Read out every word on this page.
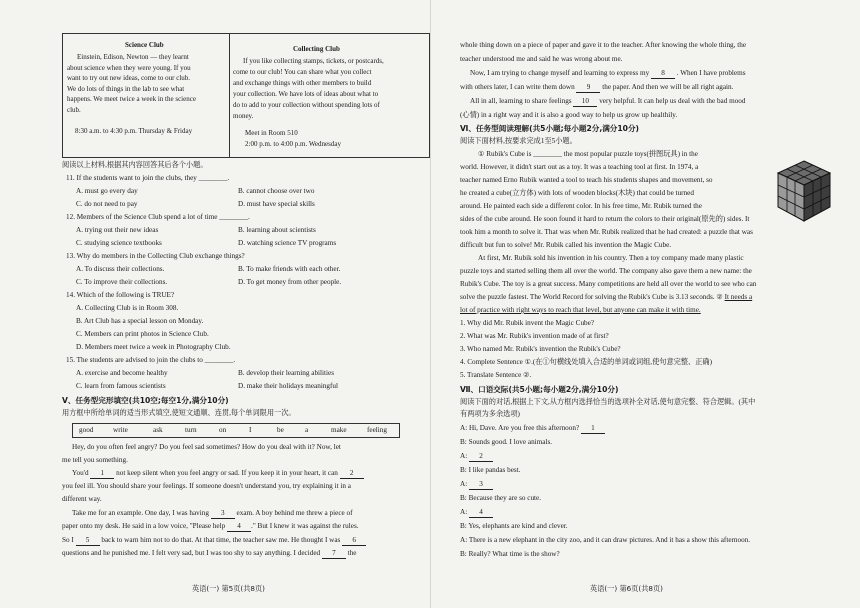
Science Club
Einstein, Edison, Newton — they learnt
about science when they were young. If you
want to try out new ideas, come to our club.
We do lots of things in the lab to see what
happens. We meet twice a week in the science
club.
8:30 a.m. to 4:30 p.m. Thursday & Friday
Collecting Club
If you like collecting stamps, tickets, or postcards,
come to our club! You can share what you collect
and exchange things with other members to build
your collection. We have lots of ideas about what to
do to add to your collection without spending lots of
money.
Meet in Room 510
2:00 p.m. to 4:00 p.m. Wednesday
阅读以上材料,根据其内容回答其后各个小题。
11. If the students want to join the clubs, they ________.
A. must go every day	B. cannot choose over two
C. do not need to pay	D. must have special skills
12. Members of the Science Club spend a lot of time ________.
A. trying out their new ideas	B. learning about scientists
C. studying science textbooks	D. watching science TV programs
13. Why do members in the Collecting Club exchange things?
A. To discuss their collections.	B. To make friends with each other.
C. To improve their collections.	D. To get money from other people.
14. Which of the following is TRUE?
A. Collecting Club is in Room 308.
B. Art Club has a special lesson on Monday.
C. Members can print photos in Science Club.
D. Members meet twice a week in Photography Club.
15. The students are advised to join the clubs to ________.
A. exercise and become healthy	B. develop their learning abilities
C. learn from famous scientists	D. make their holidays meaningful
Ⅴ、任务型完形填空(共10空;每空1分,满分10分)
用方框中所给单词的适当形式填空,使短文通顺、连贯,每个单词限用一次。
good	write	ask	turn	on	I	be	a	make	feeling
Hey, do you often feel angry? Do you feel sad sometimes? How do you deal with it? Now, let
me tell you something.
You'd 1 not keep silent when you feel angry or sad. If you keep it in your heart, it can 2
you feel ill. You should share your feelings. If someone doesn't understand you, try explaining it in a
different way.
Take me for an example. One day, I was having 3 exam. A boy behind me threw a piece of
paper onto my desk. He said in a low voice, "Please help 4 ." But I knew it was against the rules.
So I 5 back to warn him not to do that. At that time, the teacher saw me. He thought I was 6
questions and he punished me. I felt very sad, but I was too shy to say anything. I decided 7 the
英语(一) 第5页(共8页)
whole thing down on a piece of paper and gave it to the teacher. After knowing the whole thing, the
teacher understood me and said he was wrong about me.
Now, I am trying to change myself and learning to express my 8 . When I have problems
with others later, I can write them down 9 the paper. And then we will be all right again.
All in all, learning to share feelings 10 very helpful. It can help us deal with the bad mood
(心情) in a right way and it is also a good way to help us grow up healthily.
Ⅵ、任务型阅读理解(共5小题;每小题2分,满分10分)
阅读下面材料,按要求完成1至5小题。
① Rubik's Cube is ________ the most popular puzzle toys(拼图玩具) in the
world. However, it didn't start out as a toy. It was a teaching tool at first. In 1974, a
teacher named Erno Rubik wanted a tool to teach his students shapes and movement, so
he created a cube(立方体) with lots of wooden blocks(木块) that could be turned
around. He painted each side a different color. In his free time, Mr. Rubik turned the
sides of the cube around. He soon found it hard to return the colors to their original(原先的) sides. It
took him a month to solve it. That was when Mr. Rubik realized that he had created: a puzzle that was
difficult but fun to solve! Mr. Rubik called his invention the Magic Cube.
At first, Mr. Rubik sold his invention in his country. Then a toy company made many plastic
puzzle toys and started selling them all over the world. The company also gave them a new name: the
Rubik's Cube. The toy is a great success. Many competitions are held all over the world to see who can
solve the puzzle fastest. The World Record for solving the Rubik's Cube is 3.13 seconds. ② It needs a
lot of practice with right ways to reach that level, but anyone can make it with time.
1. Why did Mr. Rubik invent the Magic Cube?
2. What was Mr. Rubik's invention made of at first?
3. Who named Mr. Rubik's invention the Rubik's Cube?
4. Complete Sentence ①.(在①句横线处填入合适的单词或词组,使句意完整、正确)
5. Translate Sentence ②.
Ⅶ、口语交际(共5小题;每小题2分,满分10分)
阅读下面的对话,根据上下文,从方框内选择恰当的选项补全对话,使句意完整、符合逻辑。(其中
有两项为多余选项)
A: Hi, Dave. Are you free this afternoon? 1
B: Sounds good. I love animals.
A: 2
B: I like pandas best.
A: 3
B: Because they are so cute.
A: 4
B: Yes, elephants are kind and clever.
A: There is a new elephant in the city zoo, and it can draw pictures. And it has a show this afternoon.
B: Really? What time is the show?
英语(一) 第6页(共8页)
